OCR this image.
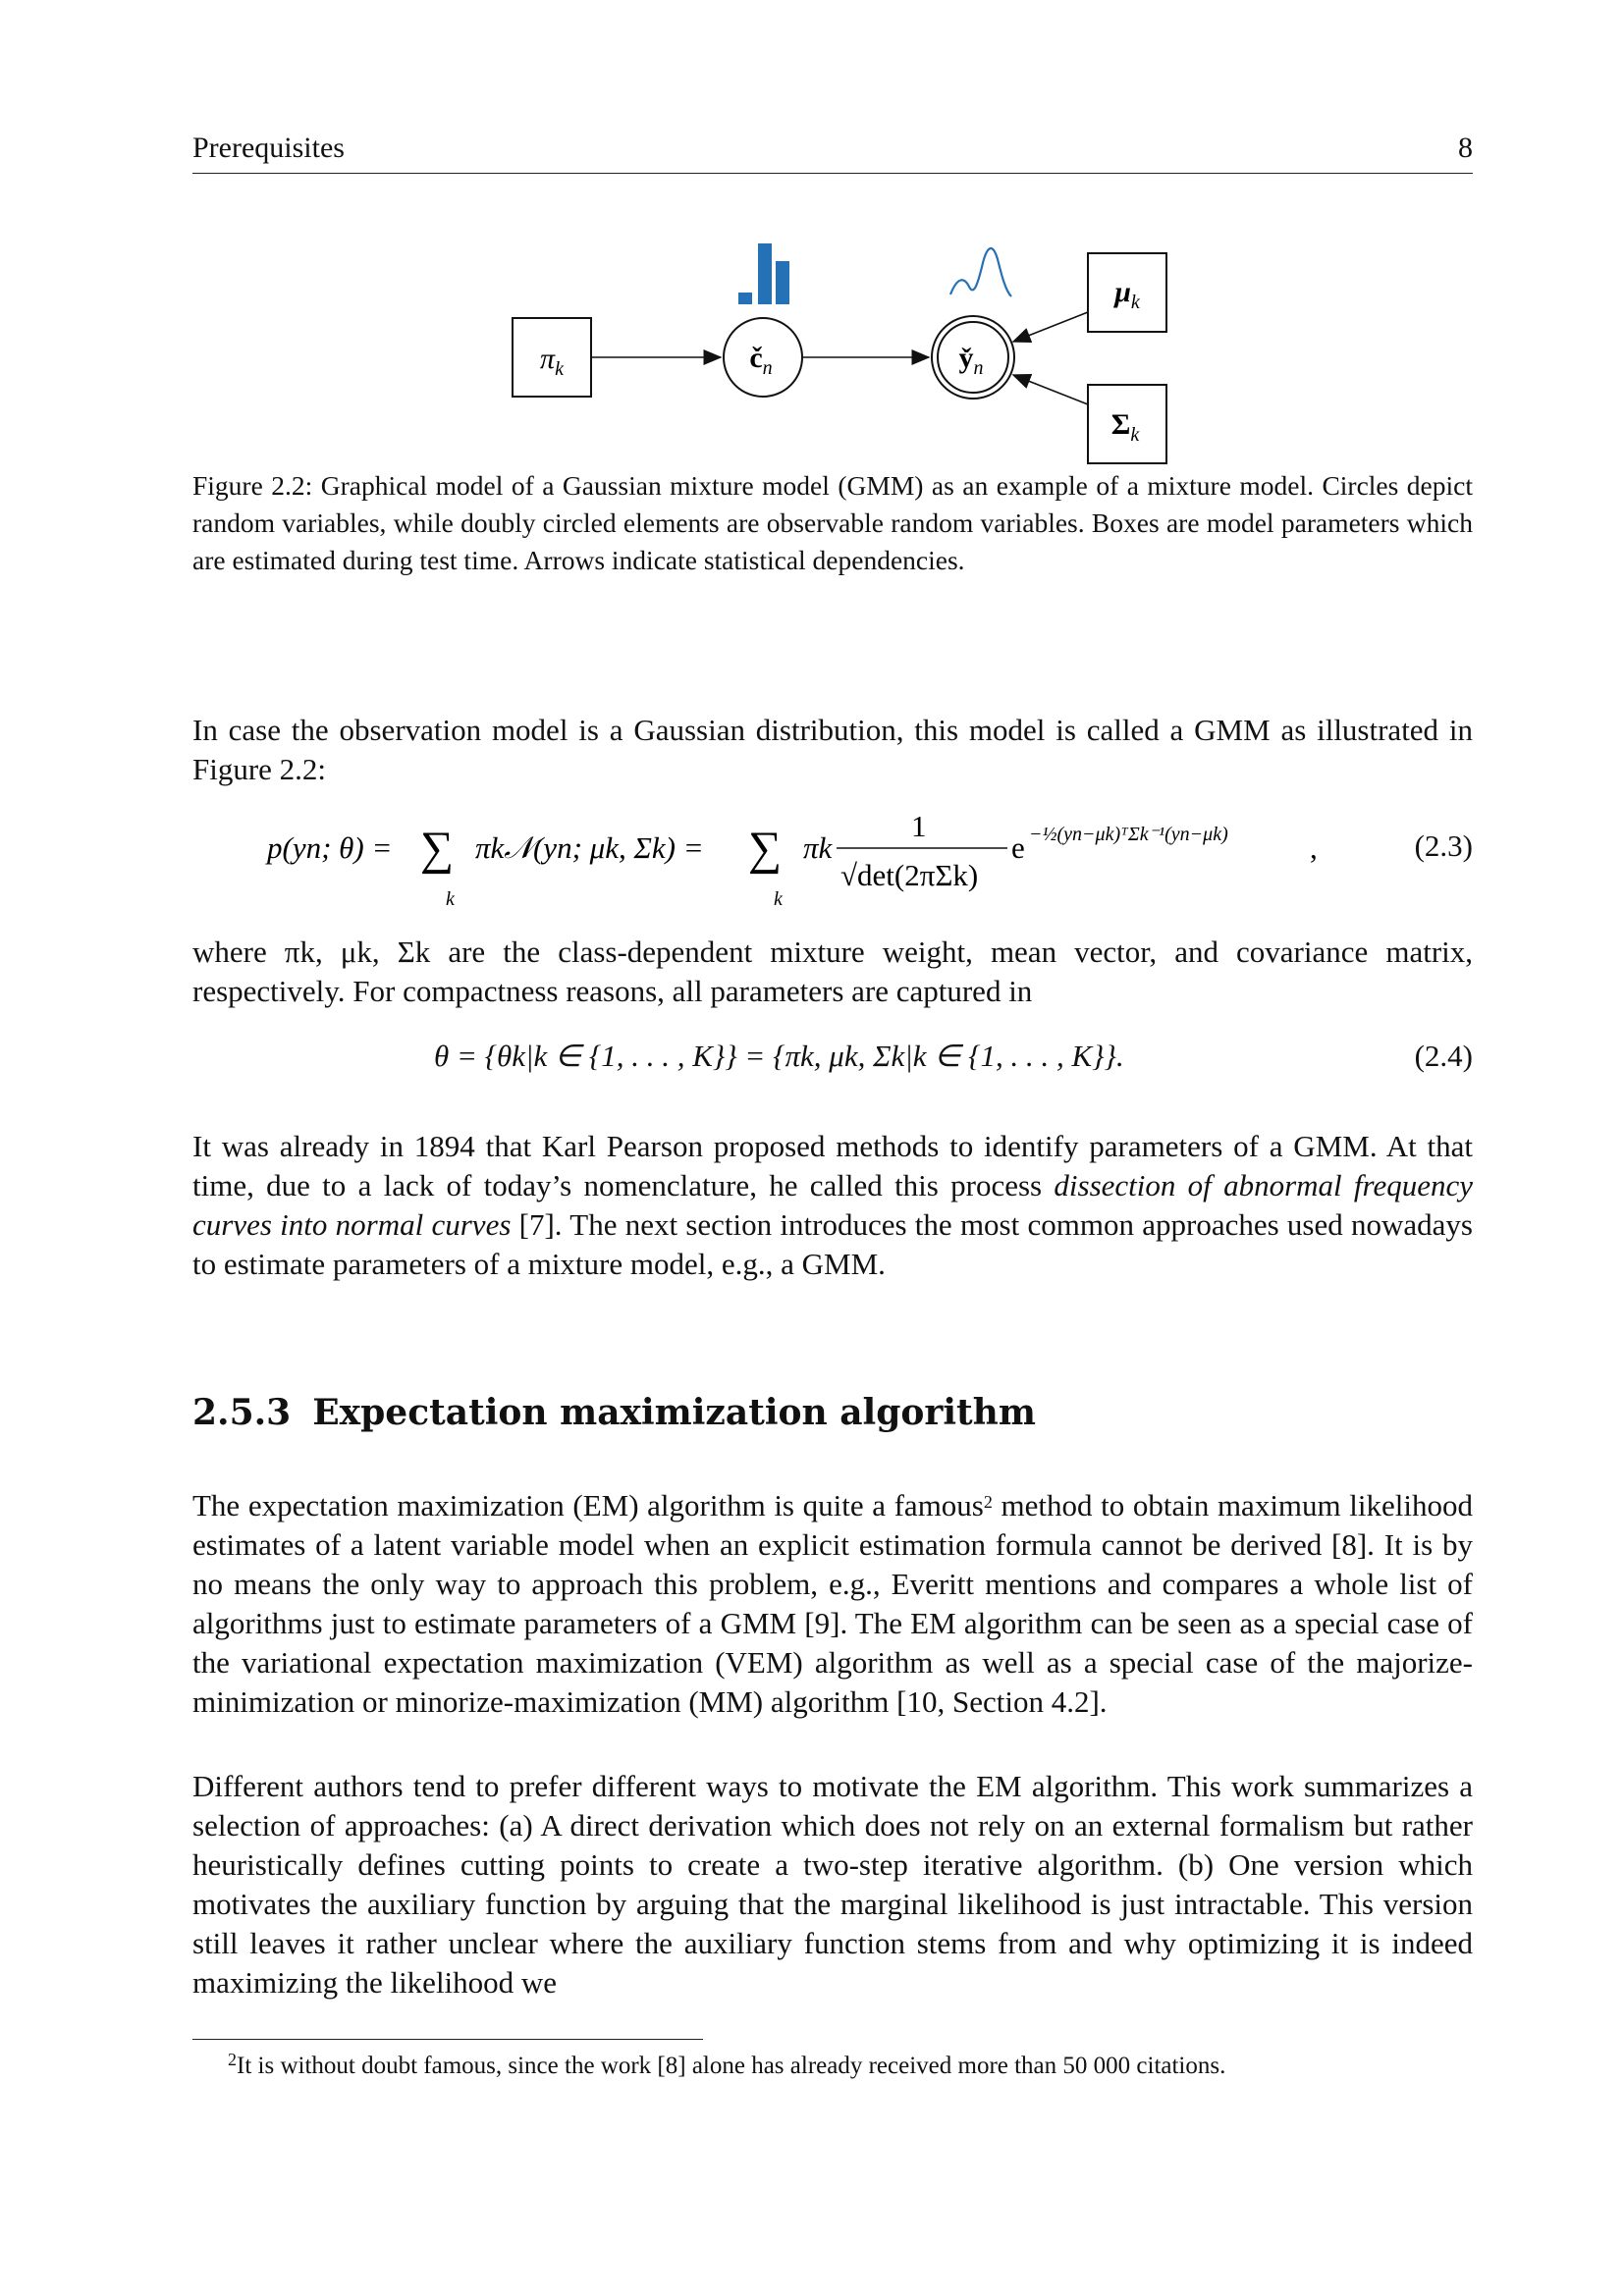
Prerequisites	8
$\pi_k$	$č_n$	$y̌_n$
$\mu_k$
$\Sigma_k$
Figure 2.2: Graphical model of a Gaussian mixture model (GMM) as an example of a mixture model. Circles depict random variables, while doubly circled elements are observable random variables. Boxes are model parameters which are estimated during test time. Arrows indicate statistical dependencies.
In case the observation model is a Gaussian distribution, this model is called a GMM as illustrated in Figure 2.2:
p(yn; θ) = ∑
k
πk𝒩(yn; μk, Σk) = ∑
k
πk
1
√det(2πΣk)
e −½(yn−μk)ᵀΣk⁻¹(yn−μk)	,	(2.3)
where πk, μk, Σk are the class-dependent mixture weight, mean vector, and covariance matrix, respectively. For compactness reasons, all parameters are captured in
θ = {θk|k ∈ {1, . . . , K}} = {πk, μk, Σk|k ∈ {1, . . . , K}}.	(2.4)
It was already in 1894 that Karl Pearson proposed methods to identify parameters of a GMM. At that time, due to a lack of today’s nomenclature, he called this process dissection of abnormal frequency curves into normal curves [7]. The next section introduces the most common approaches used nowadays to estimate parameters of a mixture model, e.g., a GMM.
2.5.3 Expectation maximization algorithm
The expectation maximization (EM) algorithm is quite a famous$^2$ method to obtain maximum likelihood estimates of a latent variable model when an explicit estimation formula cannot be derived [8]. It is by no means the only way to approach this problem, e.g., Everitt mentions and compares a whole list of algorithms just to estimate parameters of a GMM [9]. The EM algorithm can be seen as a special case of the variational expectation maximization (VEM) algorithm as well as a special case of the majorize-minimization or minorize-maximization (MM) algorithm [10, Section 4.2].
Different authors tend to prefer different ways to motivate the EM algorithm. This work summarizes a selection of approaches: (a) A direct derivation which does not rely on an external formalism but rather heuristically defines cutting points to create a two-step iterative algorithm. (b) One version which motivates the auxiliary function by arguing that the marginal likelihood is just intractable. This version still leaves it rather unclear where the auxiliary function stems from and why optimizing it is indeed maximizing the likelihood we
$^2$It is without doubt famous, since the work [8] alone has already received more than 50 000 citations.
